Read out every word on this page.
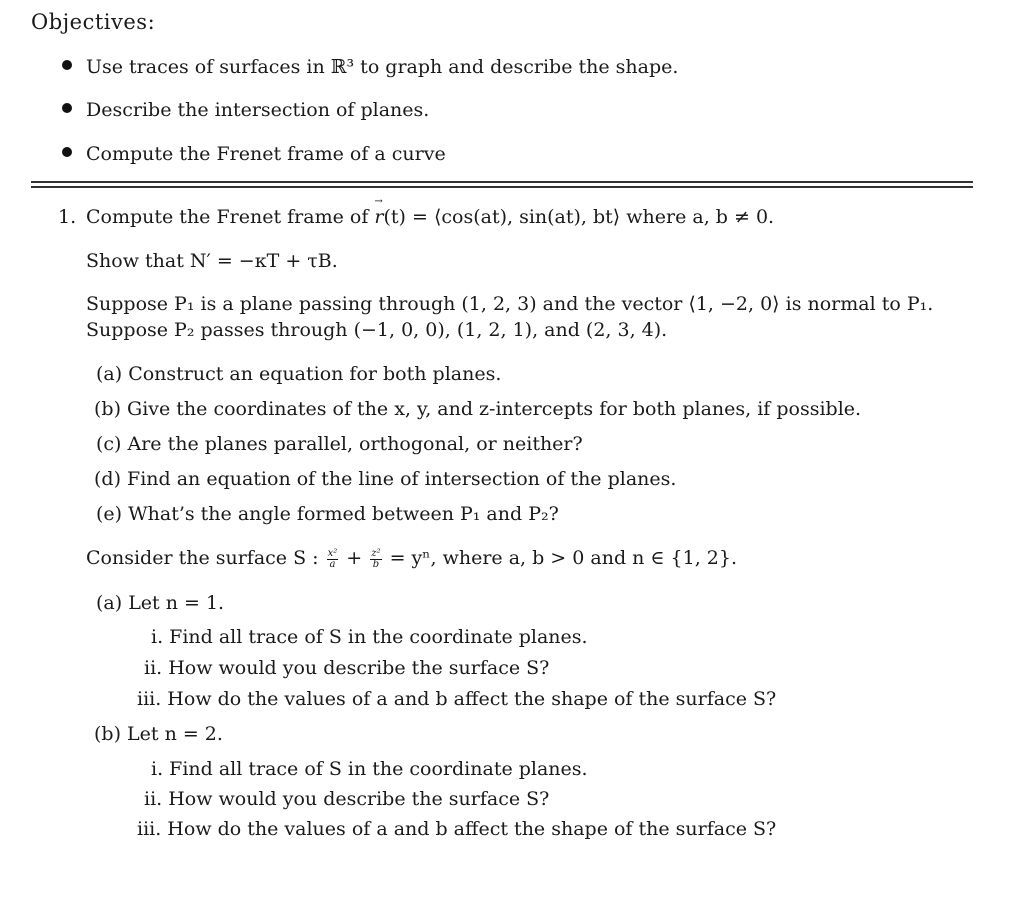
Objectives:
Use traces of surfaces in ℝ³ to graph and describe the shape.
Describe the intersection of planes.
Compute the Frenet frame of a curve
1. Compute the Frenet frame of → r(t) = ⟨cos(at), sin(at), bt⟩ where a, b ≠ 0.
Show that N′ = −κT + τB.
Suppose P₁ is a plane passing through (1, 2, 3) and the vector ⟨1, −2, 0⟩ is normal to P₁.
Suppose P₂ passes through (−1, 0, 0), (1, 2, 1), and (2, 3, 4).
(a) Construct an equation for both planes.
(b) Give the coordinates of the x, y, and z-intercepts for both planes, if possible.
(c) Are the planes parallel, orthogonal, or neither?
(d) Find an equation of the line of intersection of the planes.
(e) What’s the angle formed between P₁ and P₂?
Consider the surface S : $\frac{\text{x²}}{a} + \frac{\text{z²}}{b} = y^n$, where a, b > 0 and n ∈ {1, 2}.
(a) Let n = 1.
i. Find all trace of S in the coordinate planes.
ii. How would you describe the surface S?
iii. How do the values of a and b affect the shape of the surface S?
(b) Let n = 2.
i. Find all trace of S in the coordinate planes.
ii. How would you describe the surface S?
iii. How do the values of a and b affect the shape of the surface S?
